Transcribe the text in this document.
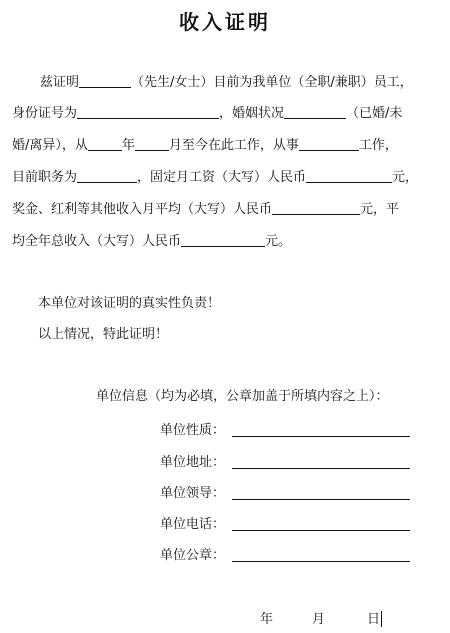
收入证明
兹证明	（先生/女士）目前为我单位（全职/兼职）员工，
身份证号为	，婚姻状况	（已婚/未
婚/离异），从	年	月至今在此工作，从事	工作，
目前职务为	，固定月工资（大写）人民币	元，
奖金、红利等其他收入月平均（大写）人民币	元，平
均全年总收入（大写）人民币	元。
本单位对该证明的真实性负责！
以上情况，特此证明！
单位信息（均为必填，公章加盖于所填内容之上）：
单位性质：
单位地址：
单位领导：
单位电话：
单位公章：
年	月	日
